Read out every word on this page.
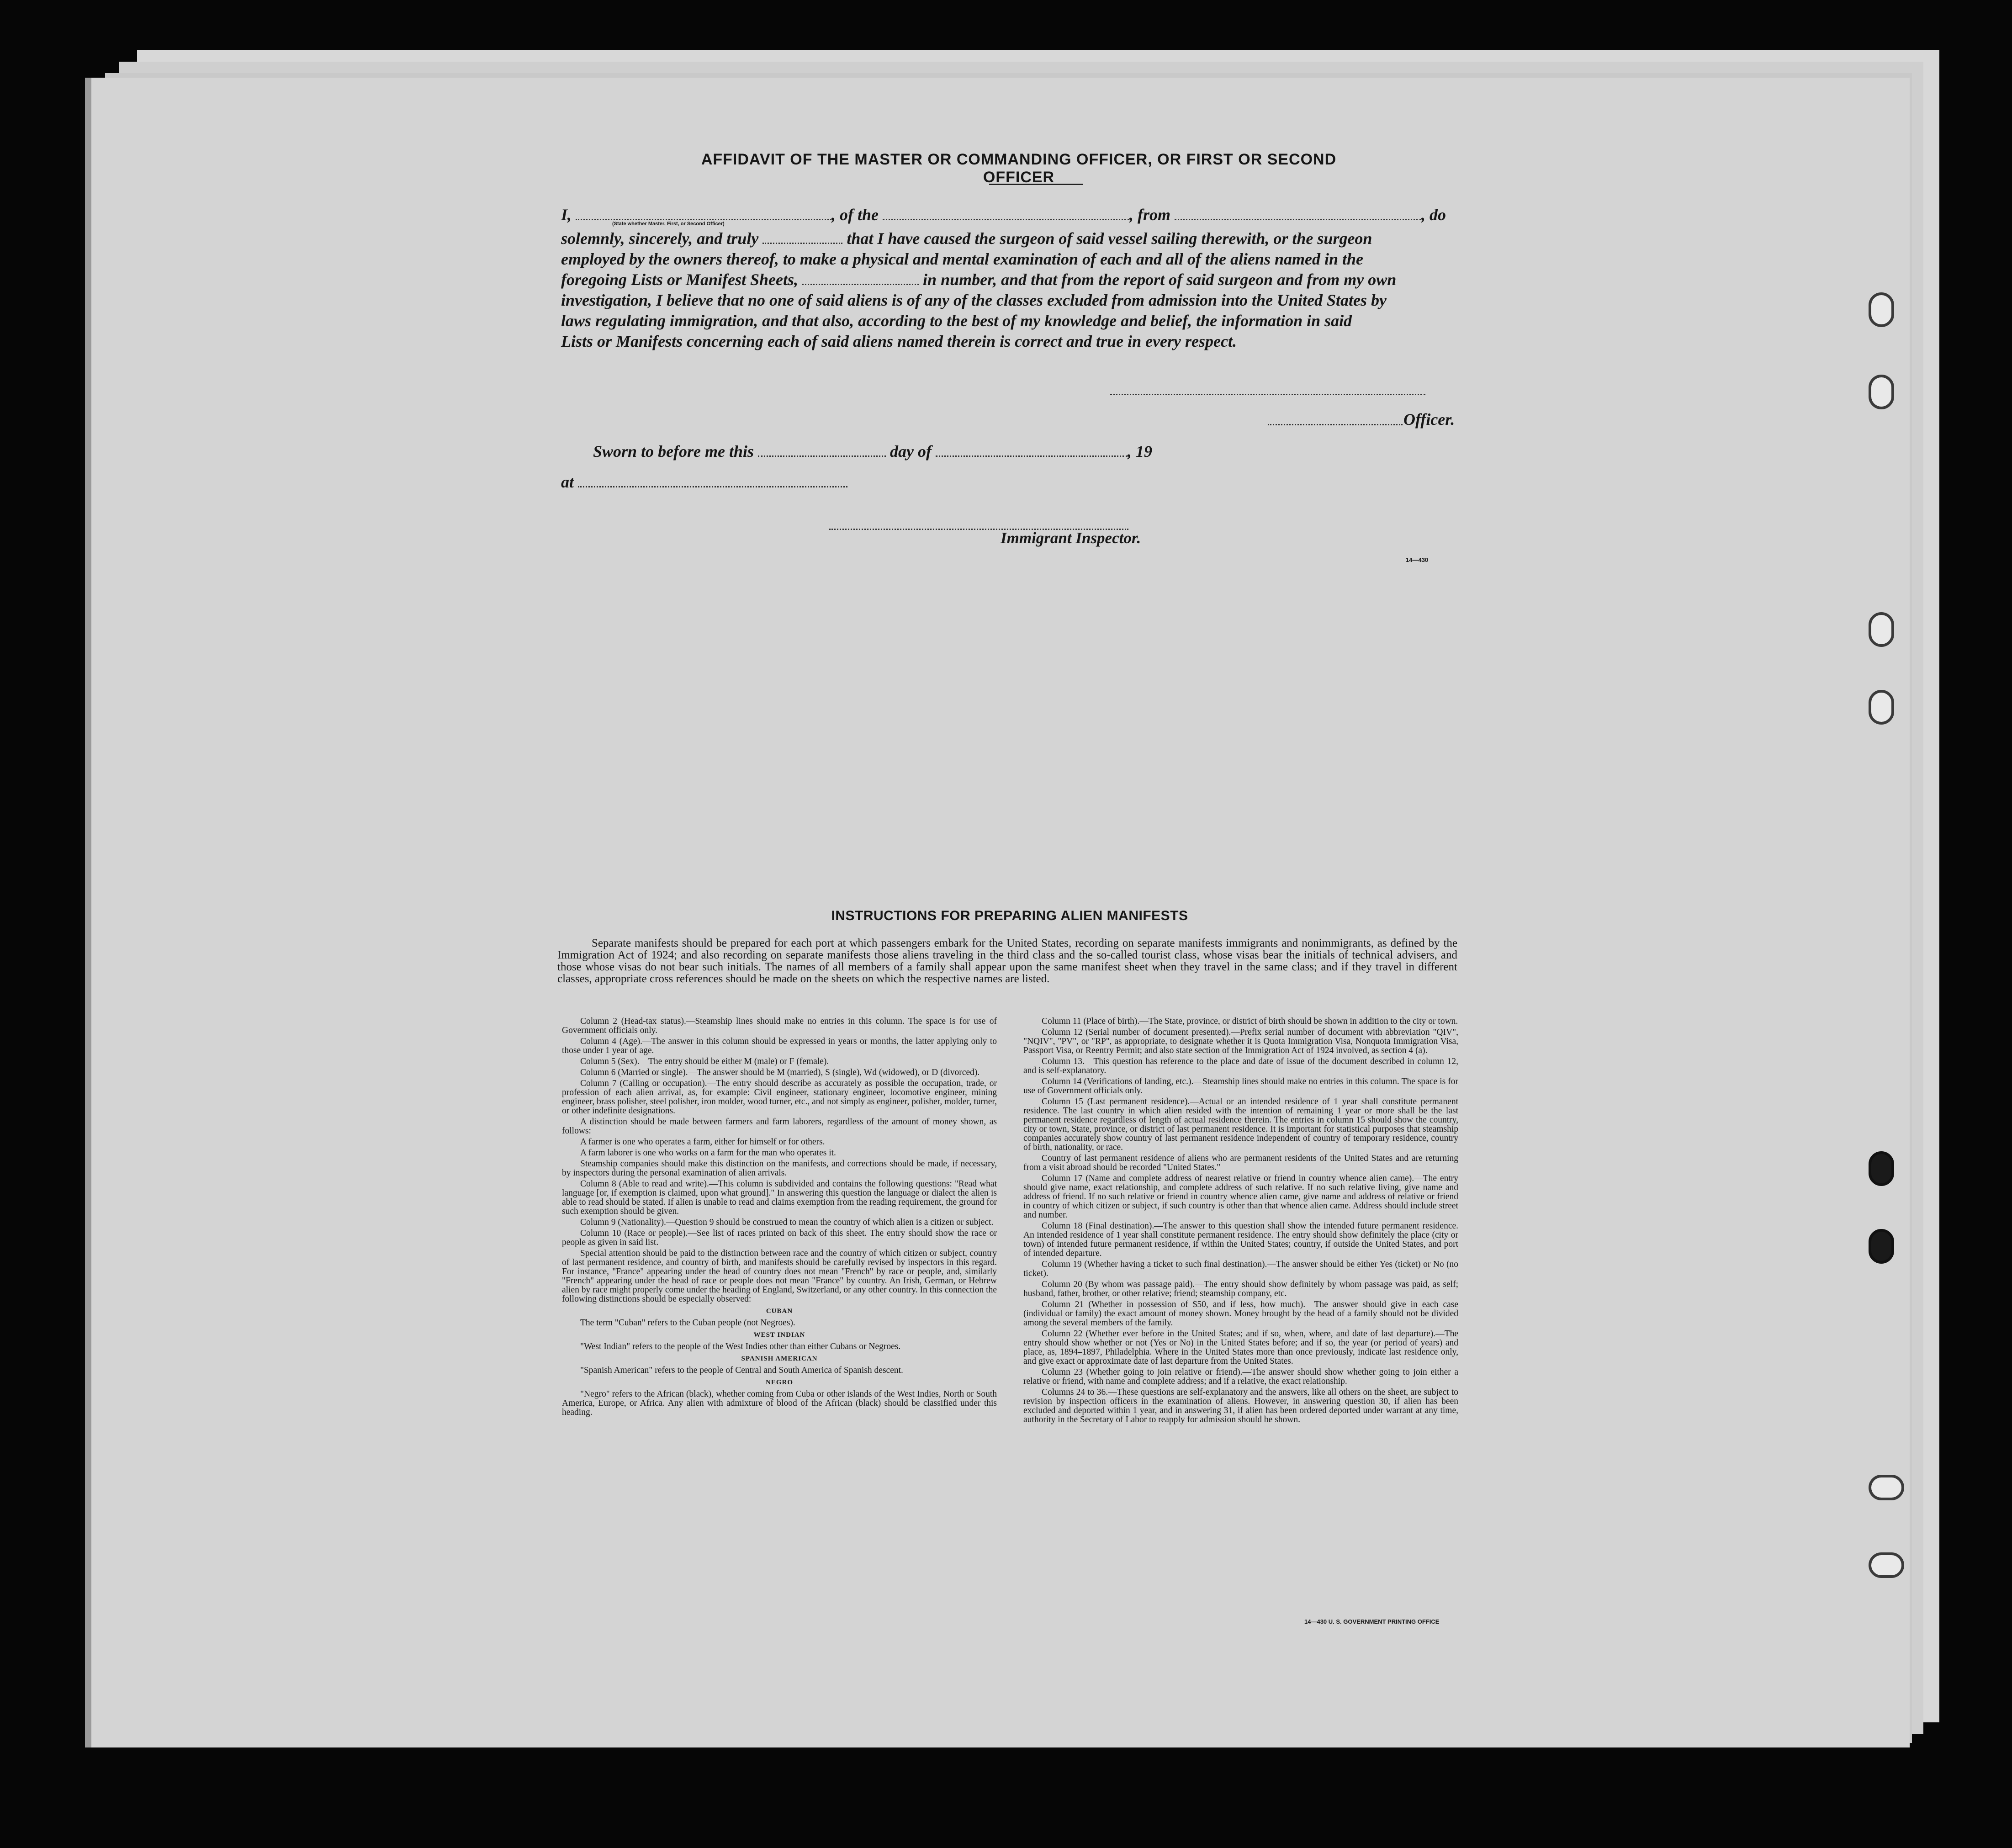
AFFIDAVIT OF THE MASTER OR COMMANDING OFFICER, OR FIRST OR SECOND OFFICER
I,	, of the	, from	, do
(State whether Master, First, or Second Officer)
solemnly, sincerely, and truly	that I have caused the surgeon of said vessel sailing therewith, or the surgeon
employed by the owners thereof, to make a physical and mental examination of each and all of the aliens named in the
foregoing Lists or Manifest Sheets,	in number, and that from the report of said surgeon and from my own
investigation, I believe that no one of said aliens is of any of the classes excluded from admission into the United States by
laws regulating immigration, and that also, according to the best of my knowledge and belief, the information in said
Lists or Manifests concerning each of said aliens named therein is correct and true in every respect.
Officer.
Sworn to before me this	day of	, 19
at
Immigrant Inspector.
14—430
INSTRUCTIONS FOR PREPARING ALIEN MANIFESTS
Separate manifests should be prepared for each port at which passengers embark for the United States, recording on separate manifests immigrants and nonimmigrants, as defined by the Immigration Act of 1924; and also recording on separate manifests those aliens traveling in the third class and the so-called tourist class, whose visas bear the initials of technical advisers, and those whose visas do not bear such initials. The names of all members of a family shall appear upon the same manifest sheet when they travel in the same class; and if they travel in different classes, appropriate cross references should be made on the sheets on which the respective names are listed.

Column 2 (Head-tax status).—Steamship lines should make no entries in this column. The space is for use of Government officials only.

Column 4 (Age).—The answer in this column should be expressed in years or months, the latter applying only to those under 1 year of age.

Column 5 (Sex).—The entry should be either M (male) or F (female).

Column 6 (Married or single).—The answer should be M (married), S (single), Wd (widowed), or D (divorced).

Column 7 (Calling or occupation).—The entry should describe as accurately as possible the occupation, trade, or profession of each alien arrival, as, for example: Civil engineer, stationary engineer, locomotive engineer, mining engineer, brass polisher, steel polisher, iron molder, wood turner, etc., and not simply as engineer, polisher, molder, turner, or other indefinite designations.

A distinction should be made between farmers and farm laborers, regardless of the amount of money shown, as follows:

A farmer is one who operates a farm, either for himself or for others.

A farm laborer is one who works on a farm for the man who operates it.

Steamship companies should make this distinction on the manifests, and corrections should be made, if necessary, by inspectors during the personal examination of alien arrivals.

Column 8 (Able to read and write).—This column is subdivided and contains the following questions: "Read what language [or, if exemption is claimed, upon what ground]." In answering this question the language or dialect the alien is able to read should be stated. If alien is unable to read and claims exemption from the reading requirement, the ground for such exemption should be given.

Column 9 (Nationality).—Question 9 should be construed to mean the country of which alien is a citizen or subject.

Column 10 (Race or people).—See list of races printed on back of this sheet. The entry should show the race or people as given in said list.

Special attention should be paid to the distinction between race and the country of which citizen or subject, country of last permanent residence, and country of birth, and manifests should be carefully revised by inspectors in this regard. For instance, "France" appearing under the head of country does not mean "French" by race or people, and, similarly "French" appearing under the head of race or people does not mean "France" by country. An Irish, German, or Hebrew alien by race might properly come under the heading of England, Switzerland, or any other country. In this connection the following distinctions should be especially observed:

CUBAN

The term "Cuban" refers to the Cuban people (not Negroes).

WEST INDIAN

"West Indian" refers to the people of the West Indies other than either Cubans or Negroes.

SPANISH AMERICAN

"Spanish American" refers to the people of Central and South America of Spanish descent.

NEGRO

"Negro" refers to the African (black), whether coming from Cuba or other islands of the West Indies, North or South America, Europe, or Africa. Any alien with admixture of blood of the African (black) should be classified under this heading.

Column 11 (Place of birth).—The State, province, or district of birth should be shown in addition to the city or town.

Column 12 (Serial number of document presented).—Prefix serial number of document with abbreviation "QIV", "NQIV", "PV", or "RP", as appropriate, to designate whether it is Quota Immigration Visa, Nonquota Immigration Visa, Passport Visa, or Reentry Permit; and also state section of the Immigration Act of 1924 involved, as section 4 (a).

Column 13.—This question has reference to the place and date of issue of the document described in column 12, and is self-explanatory.

Column 14 (Verifications of landing, etc.).—Steamship lines should make no entries in this column. The space is for use of Government officials only.

Column 15 (Last permanent residence).—Actual or an intended residence of 1 year shall constitute permanent residence. The last country in which alien resided with the intention of remaining 1 year or more shall be the last permanent residence regardless of length of actual residence therein. The entries in column 15 should show the country, city or town, State, province, or district of last permanent residence. It is important for statistical purposes that steamship companies accurately show country of last permanent residence independent of country of temporary residence, country of birth, nationality, or race.

Country of last permanent residence of aliens who are permanent residents of the United States and are returning from a visit abroad should be recorded "United States."

Column 17 (Name and complete address of nearest relative or friend in country whence alien came).—The entry should give name, exact relationship, and complete address of such relative. If no such relative living, give name and address of friend. If no such relative or friend in country whence alien came, give name and address of relative or friend in country of which citizen or subject, if such country is other than that whence alien came. Address should include street and number.

Column 18 (Final destination).—The answer to this question shall show the intended future permanent residence. An intended residence of 1 year shall constitute permanent residence. The entry should show definitely the place (city or town) of intended future permanent residence, if within the United States; country, if outside the United States, and port of intended departure.

Column 19 (Whether having a ticket to such final destination).—The answer should be either Yes (ticket) or No (no ticket).

Column 20 (By whom was passage paid).—The entry should show definitely by whom passage was paid, as self; husband, father, brother, or other relative; friend; steamship company, etc.

Column 21 (Whether in possession of $50, and if less, how much).—The answer should give in each case (individual or family) the exact amount of money shown. Money brought by the head of a family should not be divided among the several members of the family.

Column 22 (Whether ever before in the United States; and if so, when, where, and date of last departure).—The entry should show whether or not (Yes or No) in the United States before; and if so, the year (or period of years) and place, as, 1894–1897, Philadelphia. Where in the United States more than once previously, indicate last residence only, and give exact or approximate date of last departure from the United States.

Column 23 (Whether going to join relative or friend).—The answer should show whether going to join either a relative or friend, with name and complete address; and if a relative, the exact relationship.

Columns 24 to 36.—These questions are self-explanatory and the answers, like all others on the sheet, are subject to revision by inspection officers in the examination of aliens. However, in answering question 30, if alien has been excluded and deported within 1 year, and in answering 31, if alien has been ordered deported under warrant at any time, authority in the Secretary of Labor to reapply for admission should be shown.

14—430 U. S. GOVERNMENT PRINTING OFFICE
